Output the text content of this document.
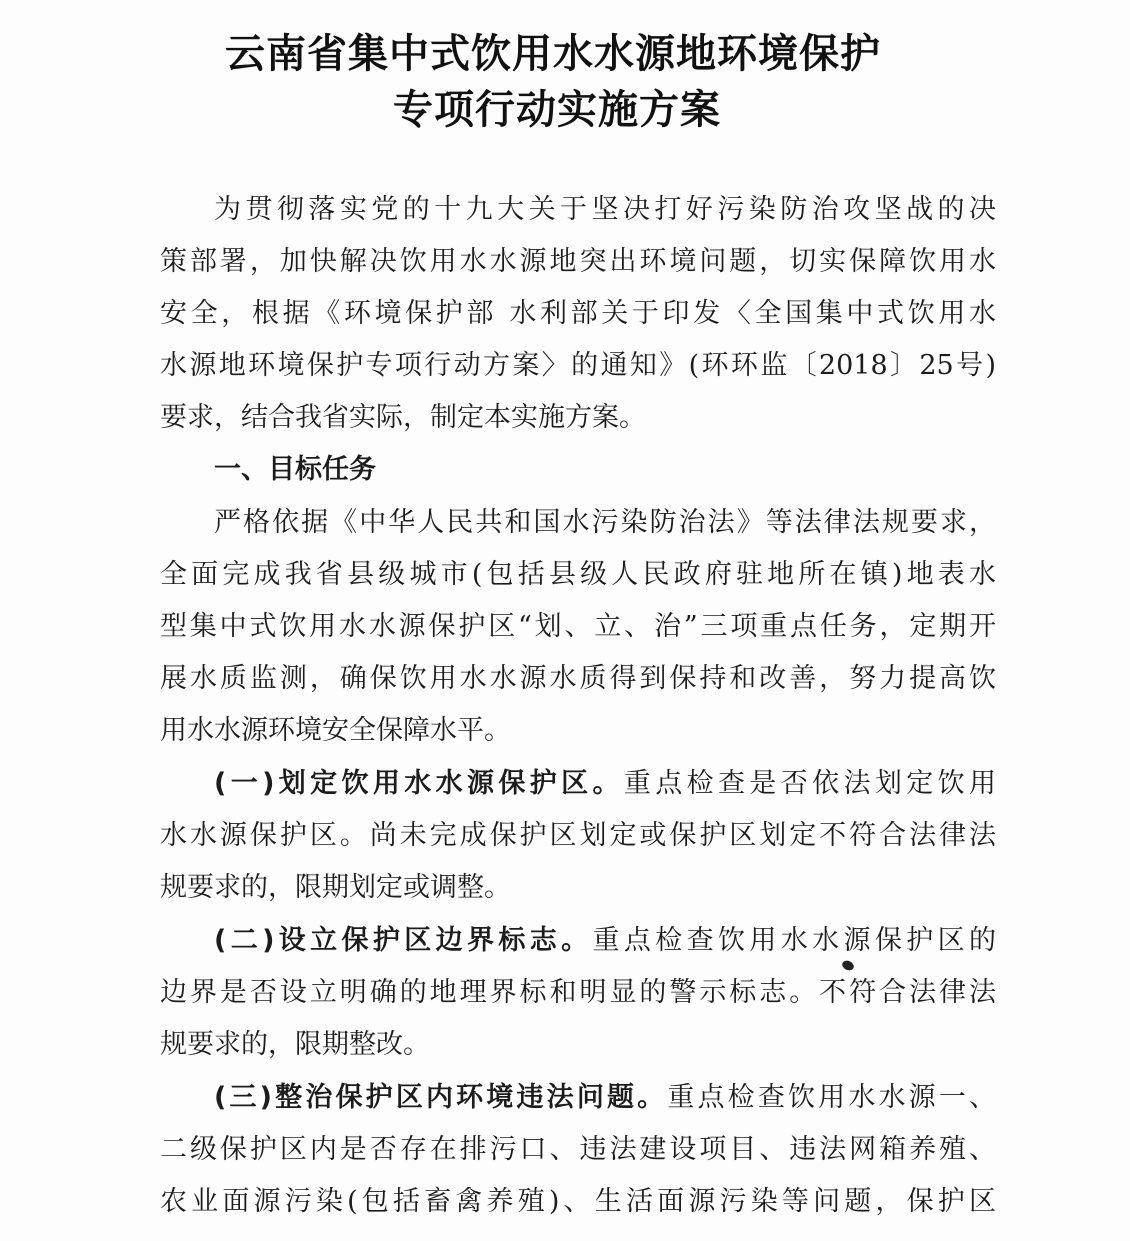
云南省集中式饮用水水源地环境保护
专项行动实施方案
为贯彻落实党的十九大关于坚决打好污染防治攻坚战的决
策部署，加快解决饮用水水源地突出环境问题，切实保障饮用水
安全，根据《环境保护部 水利部关于印发〈全国集中式饮用水
水源地环境保护专项行动方案〉的通知》(环环监〔2018〕25号)
要求，结合我省实际，制定本实施方案。
一、目标任务
严格依据《中华人民共和国水污染防治法》等法律法规要求，
全面完成我省县级城市(包括县级人民政府驻地所在镇)地表水
型集中式饮用水水源保护区“划、立、治”三项重点任务，定期开
展水质监测，确保饮用水水源水质得到保持和改善，努力提高饮
用水水源环境安全保障水平。
(一)划定饮用水水源保护区。重点检查是否依法划定饮用
水水源保护区。尚未完成保护区划定或保护区划定不符合法律法
规要求的，限期划定或调整。
(二)设立保护区边界标志。重点检查饮用水水源保护区的
边界是否设立明确的地理界标和明显的警示标志。不符合法律法
规要求的，限期整改。
(三)整治保护区内环境违法问题。重点检查饮用水水源一、
二级保护区内是否存在排污口、违法建设项目、违法网箱养殖、
农业面源污染(包括畜禽养殖)、生活面源污染等问题，保护区
